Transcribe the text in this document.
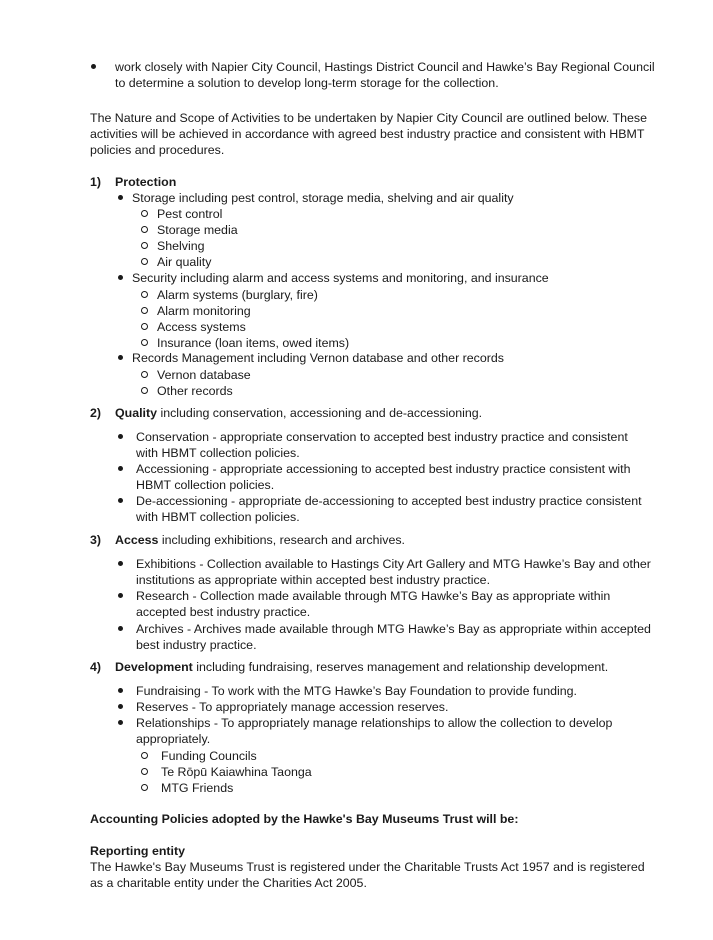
work closely with Napier City Council, Hastings District Council and Hawke’s Bay Regional Council
to determine a solution to develop long-term storage for the collection.
The Nature and Scope of Activities to be undertaken by Napier City Council are outlined below. These
activities will be achieved in accordance with agreed best industry practice and consistent with HBMT
policies and procedures.
1) Protection
Storage including pest control, storage media, shelving and air quality
Pest control
Storage media
Shelving
Air quality
Security including alarm and access systems and monitoring, and insurance
Alarm systems (burglary, fire)
Alarm monitoring
Access systems
Insurance (loan items, owed items)
Records Management including Vernon database and other records
Vernon database
Other records
2) Quality including conservation, accessioning and de-accessioning.
Conservation - appropriate conservation to accepted best industry practice and consistent
with HBMT collection policies.
Accessioning - appropriate accessioning to accepted best industry practice consistent with
HBMT collection policies.
De-accessioning - appropriate de-accessioning to accepted best industry practice consistent
with HBMT collection policies.
3) Access including exhibitions, research and archives.
Exhibitions - Collection available to Hastings City Art Gallery and MTG Hawke’s Bay and other
institutions as appropriate within accepted best industry practice.
Research - Collection made available through MTG Hawke’s Bay as appropriate within
accepted best industry practice.
Archives - Archives made available through MTG Hawke’s Bay as appropriate within accepted
best industry practice.
4) Development including fundraising, reserves management and relationship development.
Fundraising - To work with the MTG Hawke’s Bay Foundation to provide funding.
Reserves - To appropriately manage accession reserves.
Relationships - To appropriately manage relationships to allow the collection to develop
appropriately.
Funding Councils
Te Rōpū Kaiawhina Taonga
MTG Friends
Accounting Policies adopted by the Hawke's Bay Museums Trust will be:
Reporting entity
The Hawke's Bay Museums Trust is registered under the Charitable Trusts Act 1957 and is registered
as a charitable entity under the Charities Act 2005.
